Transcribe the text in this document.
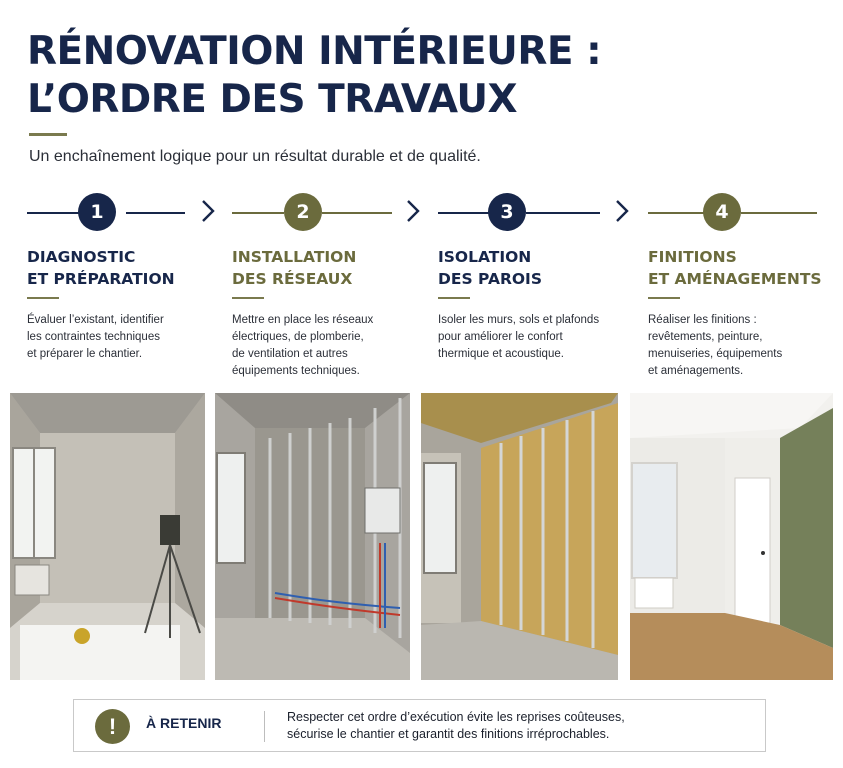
RÉNOVATION INTÉRIEURE :
L’ORDRE DES TRAVAUX

Un enchaînement logique pour un résultat durable et de qualité.

1
DIAGNOSTIC
ET PRÉPARATION
Évaluer l’existant, identifier
les contraintes techniques
et préparer le chantier.
2
INSTALLATION
DES RÉSEAUX
Mettre en place les réseaux
électriques, de plomberie,
de ventilation et autres
équipements techniques.
3
ISOLATION
DES PAROIS
Isoler les murs, sols et plafonds
pour améliorer le confort
thermique et acoustique.
4
FINITIONS
ET AMÉNAGEMENTS
Réaliser les finitions :
revêtements, peinture,
menuiseries, équipements
et aménagements.
!	À RETENIR	Respecter cet ordre d’exécution évite les reprises coûteuses,
sécurise le chantier et garantit des finitions irréprochables.
